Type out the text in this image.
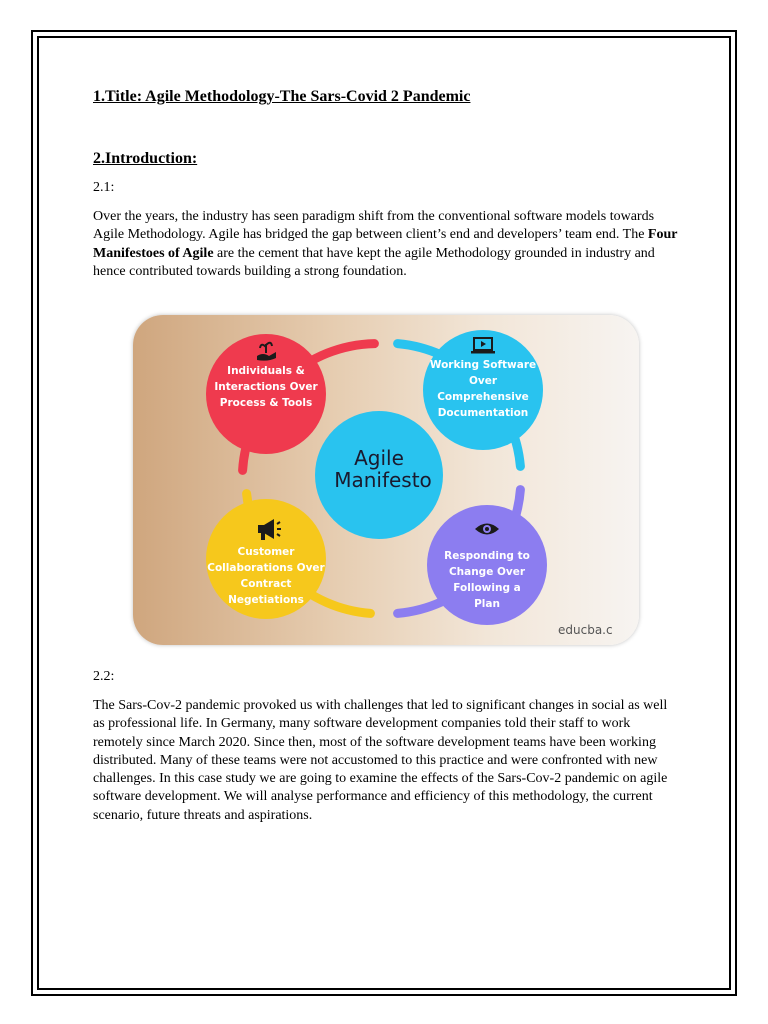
1.Title: Agile Methodology-The Sars-Covid 2 Pandemic
2.Introduction:
2.1:

Over the years, the industry has seen paradigm shift from the conventional software models towards Agile Methodology. Agile has bridged the gap between client’s end and developers’ team end. The Four Manifestoes of Agile are the cement that have kept the agile Methodology grounded in industry and hence contributed towards building a strong foundation.

Agile
Manifesto
Individuals &
Interactions Over
Process & Tools
Working Software
Over
Comprehensive
Documentation
Customer
Collaborations Over
Contract
Negetiations
Responding to
Change Over
Following a
Plan
educba.c
2.2:

The Sars-Cov-2 pandemic provoked us with challenges that led to significant changes in social as well as professional life. In Germany, many software development companies told their staff to work remotely since March 2020. Since then, most of the software development teams have been working distributed. Many of these teams were not accustomed to this practice and were confronted with new challenges. In this case study we are going to examine the effects of the Sars-Cov-2 pandemic on agile software development. We will analyse performance and efficiency of this methodology, the current scenario, future threats and aspirations.
